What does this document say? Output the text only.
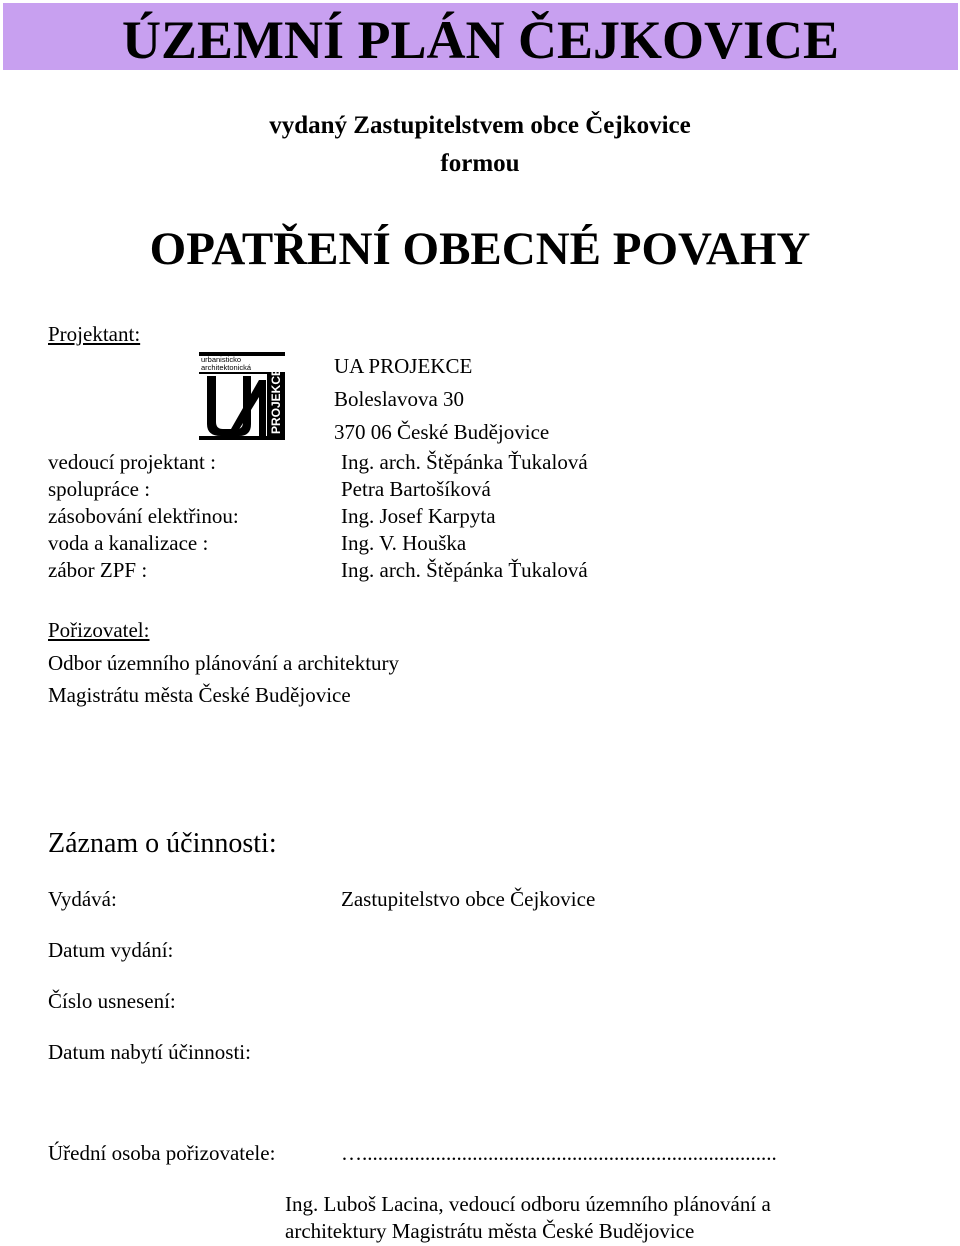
ÚZEMNÍ PLÁN ČEJKOVICE
vydaný Zastupitelstvem obce Čejkovice
formou
OPATŘENÍ OBECNÉ POVAHY
Projektant:
urbanisticko
architektonická
PROJEKCE
UA PROJEKCE
Boleslavova 30
370 06 České Budějovice
vedoucí projektant :	Ing. arch. Štěpánka Ťukalová
spolupráce :	Petra Bartošíková
zásobování elektřinou:	Ing. Josef Karpyta
voda a kanalizace :	Ing. V. Houška
zábor ZPF :	Ing. arch. Štěpánka Ťukalová
Pořizovatel:
Odbor územního plánování a architektury
Magistrátu města České Budějovice
Záznam o účinnosti:
Vydává:	Zastupitelstvo obce Čejkovice
Datum vydání:
Číslo usnesení:
Datum nabytí účinnosti:
Úřední osoba pořizovatele:	…...............................................................................
Ing. Luboš Lacina, vedoucí odboru územního plánování a
architektury Magistrátu města České Budějovice
